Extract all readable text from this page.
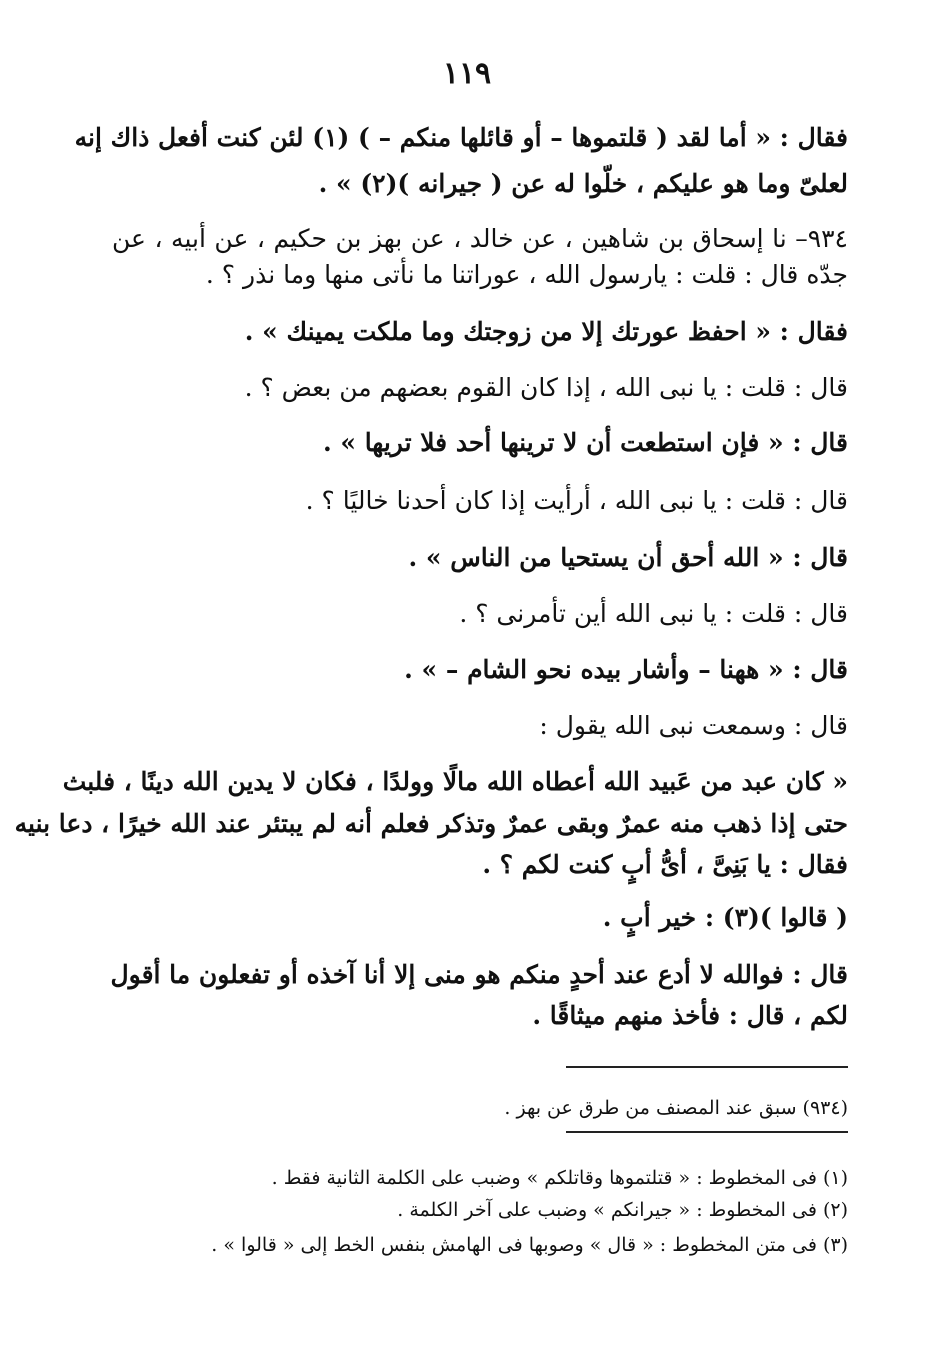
١١٩
فقال : « أما لقد ( قلتموها – أو قائلها منكم – ) (١) لئن كنت أفعل ذاك إنه
لعلىّ وما هو عليكم ، خلّوا له عن ( جيرانه )(٢) » .
٩٣٤– نا إسحاق بن شاهين ، عن خالد ، عن بهز بن حكيم ، عن أبيه ، عن
جدّه قال : قلت : يارسول الله ، عوراتنا ما نأتى منها وما نذر ؟ .
فقال : « احفظ عورتك إلا من زوجتك وما ملكت يمينك » .
قال : قلت : يا نبى الله ، إذا كان القوم بعضهم من بعض ؟ .
قال : « فإن استطعت أن لا ترينها أحد فلا تريها » .
قال : قلت : يا نبى الله ، أرأيت إذا كان أحدنا خاليًا ؟ .
قال : « الله أحق أن يستحيا من الناس » .
قال : قلت : يا نبى الله أين تأمرنى ؟ .
قال : « ههنا – وأشار بيده نحو الشام – » .
قال : وسمعت نبى الله يقول :
« كان عبد من عَبيد الله أعطاه الله مالًا وولدًا ، فكان لا يدين الله دينًا ، فلبث
حتى إذا ذهب منه عمرٌ وبقى عمرٌ وتذكر فعلم أنه لم يبتئر عند الله خيرًا ، دعا بنيه
فقال : يا بَنِىَّ ، أىُّ أبٍ كنت لكم ؟ .
( قالوا )(٣) : خير أبٍ .
قال : فوالله لا أدع عند أحدٍ منكم هو منى إلا أنا آخذه أو تفعلون ما أقول
لكم ، قال : فأخذ منهم ميثاقًا .
(٩٣٤) سبق عند المصنف من طرق عن بهز .
(١) فى المخطوط : « قتلتموها وقاتلكم » وضبب على الكلمة الثانية فقط .
(٢) فى المخطوط : « جيرانكم » وضبب على آخر الكلمة .
(٣) فى متن المخطوط : « قال » وصوبها فى الهامش بنفس الخط إلى « قالوا » .
